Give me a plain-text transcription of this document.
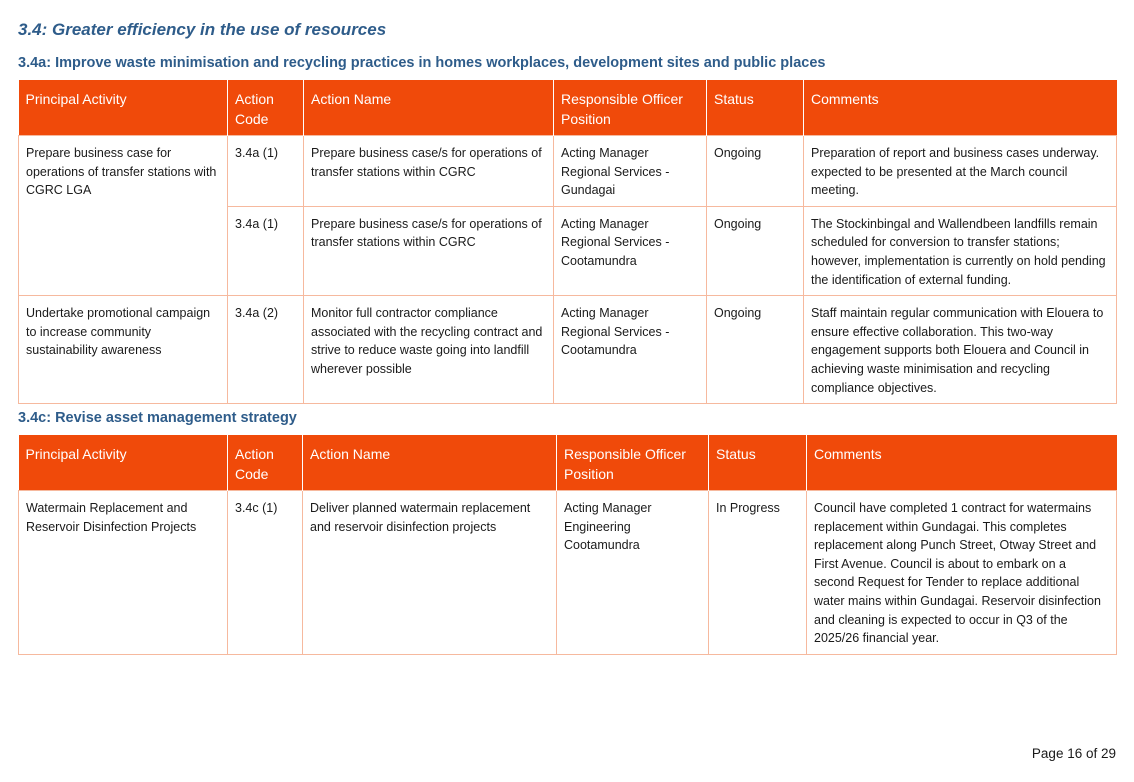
3.4: Greater efficiency in the use of resources
3.4a: Improve waste minimisation and recycling practices in homes workplaces, development sites and public places
Principal Activity	Action Code	Action Name	Responsible Officer Position	Status	Comments
Prepare business case for operations of transfer stations with CGRC LGA	3.4a (1)	Prepare business case/s for operations of transfer stations within CGRC	Acting Manager Regional Services - Gundagai	Ongoing	Preparation of report and business cases underway. expected to be presented at the March council meeting.
	3.4a (1)	Prepare business case/s for operations of transfer stations within CGRC	Acting Manager Regional Services - Cootamundra	Ongoing	The Stockinbingal and Wallendbeen landfills remain scheduled for conversion to transfer stations; however, implementation is currently on hold pending the identification of external funding.
Undertake promotional campaign to increase community sustainability awareness	3.4a (2)	Monitor full contractor compliance associated with the recycling contract and strive to reduce waste going into landfill wherever possible	Acting Manager Regional Services - Cootamundra	Ongoing	Staff maintain regular communication with Elouera to ensure effective collaboration. This two-way engagement supports both Elouera and Council in achieving waste minimisation and recycling compliance objectives.
3.4c: Revise asset management strategy
Principal Activity	Action Code	Action Name	Responsible Officer Position	Status	Comments
Watermain Replacement and Reservoir Disinfection Projects	3.4c (1)	Deliver planned watermain replacement and reservoir disinfection projects	Acting Manager Engineering Cootamundra	In Progress	Council have completed 1 contract for watermains replacement within Gundagai. This completes replacement along Punch Street, Otway Street and First Avenue. Council is about to embark on a second Request for Tender to replace additional water mains within Gundagai. Reservoir disinfection and cleaning is expected to occur in Q3 of the 2025/26 financial year.
Page 16 of 29
